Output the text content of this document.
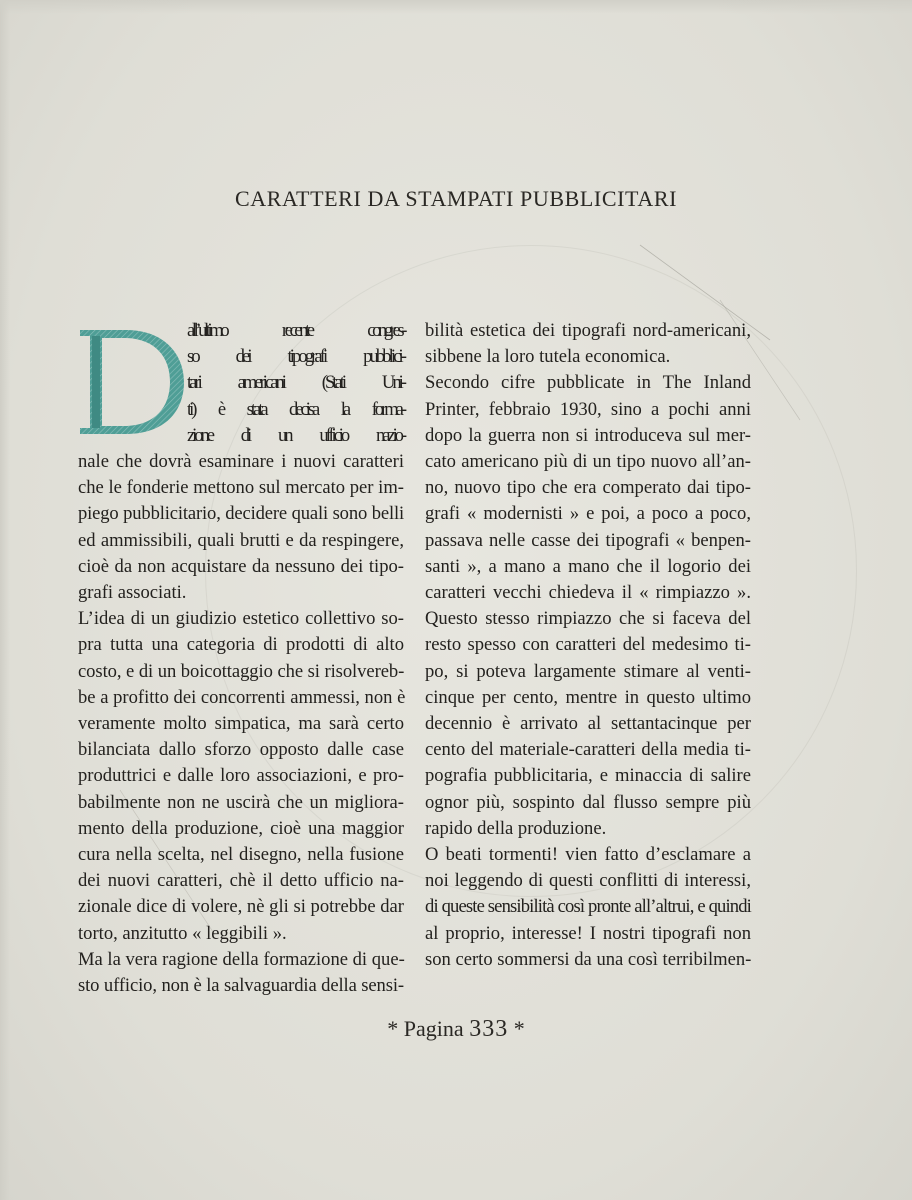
CARATTERI DA STAMPATI PUBBLICITARI
all’ultimo recente congres-
so dei tipografi pubblici-
tari americani (Stati Uni-
ti) è stata decisa la forma-
zione di un ufficio nazio-
nale che dovrà esaminare i nuovi caratteri
che le fonderie mettono sul mercato per im-
piego pubblicitario, decidere quali sono belli
ed ammissibili, quali brutti e da respingere,
cioè da non acquistare da nessuno dei tipo-
grafi associati.
L’idea di un giudizio estetico collettivo so-
pra tutta una categoria di prodotti di alto
costo, e di un boicottaggio che si risolvereb-
be a profitto dei concorrenti ammessi, non è
veramente molto simpatica, ma sarà certo
bilanciata dallo sforzo opposto dalle case
produttrici e dalle loro associazioni, e pro-
babilmente non ne uscirà che un migliora-
mento della produzione, cioè una maggior
cura nella scelta, nel disegno, nella fusione
dei nuovi caratteri, chè il detto ufficio na-
zionale dice di volere, nè gli si potrebbe dar
torto, anzitutto « leggibili ».
Ma la vera ragione della formazione di que-
sto ufficio, non è la salvaguardia della sensi-
bilità estetica dei tipografi nord-americani,
sibbene la loro tutela economica.
Secondo cifre pubblicate in The Inland
Printer, febbraio 1930, sino a pochi anni
dopo la guerra non si introduceva sul mer-
cato americano più di un tipo nuovo all’an-
no, nuovo tipo che era comperato dai tipo-
grafi « modernisti » e poi, a poco a poco,
passava nelle casse dei tipografi « benpen-
santi », a mano a mano che il logorio dei
caratteri vecchi chiedeva il « rimpiazzo ».
Questo stesso rimpiazzo che si faceva del
resto spesso con caratteri del medesimo ti-
po, si poteva largamente stimare al venti-
cinque per cento, mentre in questo ultimo
decennio è arrivato al settantacinque per
cento del materiale-caratteri della media ti-
pografia pubblicitaria, e minaccia di salire
ognor più, sospinto dal flusso sempre più
rapido della produzione.
O beati tormenti! vien fatto d’esclamare a
noi leggendo di questi conflitti di interessi,
di queste sensibilità così pronte all’altrui, e quindi
al proprio, interesse! I nostri tipografi non
son certo sommersi da una così terribilmen-
* Pagina 333 *
